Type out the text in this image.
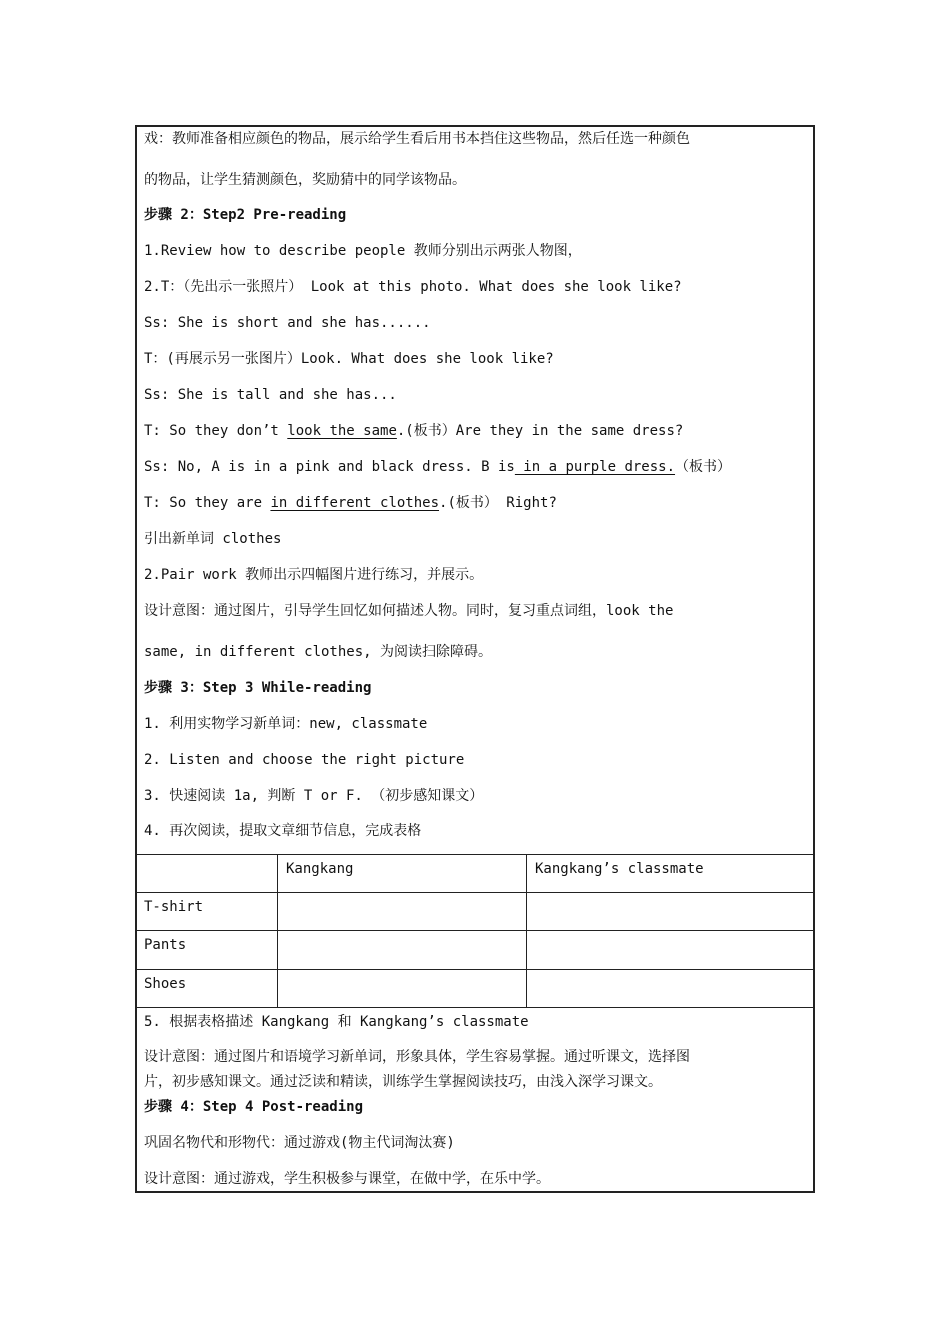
戏：教师准备相应颜色的物品，展示给学生看后用书本挡住这些物品，然后任选一种颜色
的物品，让学生猜测颜色，奖励猜中的同学该物品。
步骤 2：Step2 Pre-reading
1.Review how to describe people 教师分别出示两张人物图，
2.T：（先出示一张照片） Look at this photo. What does she look like?
Ss: She is short and she has......
T：(再展示另一张图片）Look. What does she look like?
Ss: She is tall and she has...
T: So they don’t look the same.(板书）Are they in the same dress?
Ss: No, A is in a pink and black dress. B is in a purple dress.（板书）
T: So they are in different clothes.(板书） Right?
引出新单词 clothes
2.Pair work 教师出示四幅图片进行练习，并展示。
设计意图：通过图片，引导学生回忆如何描述人物。同时，复习重点词组，look the
same, in different clothes, 为阅读扫除障碍。
步骤 3：Step 3 While-reading
1. 利用实物学习新单词：new, classmate
2. Listen and choose the right picture
3. 快速阅读 1a, 判断 T or F. （初步感知课文）
4. 再次阅读，提取文章细节信息，完成表格
Kangkang	Kangkang’s classmate
T-shirt
Pants
Shoes
5. 根据表格描述 Kangkang 和 Kangkang’s classmate
设计意图：通过图片和语境学习新单词，形象具体，学生容易掌握。通过听课文，选择图
片，初步感知课文。通过泛读和精读，训练学生掌握阅读技巧，由浅入深学习课文。
步骤 4：Step 4 Post-reading
巩固名物代和形物代：通过游戏(物主代词淘汰赛)
设计意图：通过游戏，学生积极参与课堂，在做中学，在乐中学。
